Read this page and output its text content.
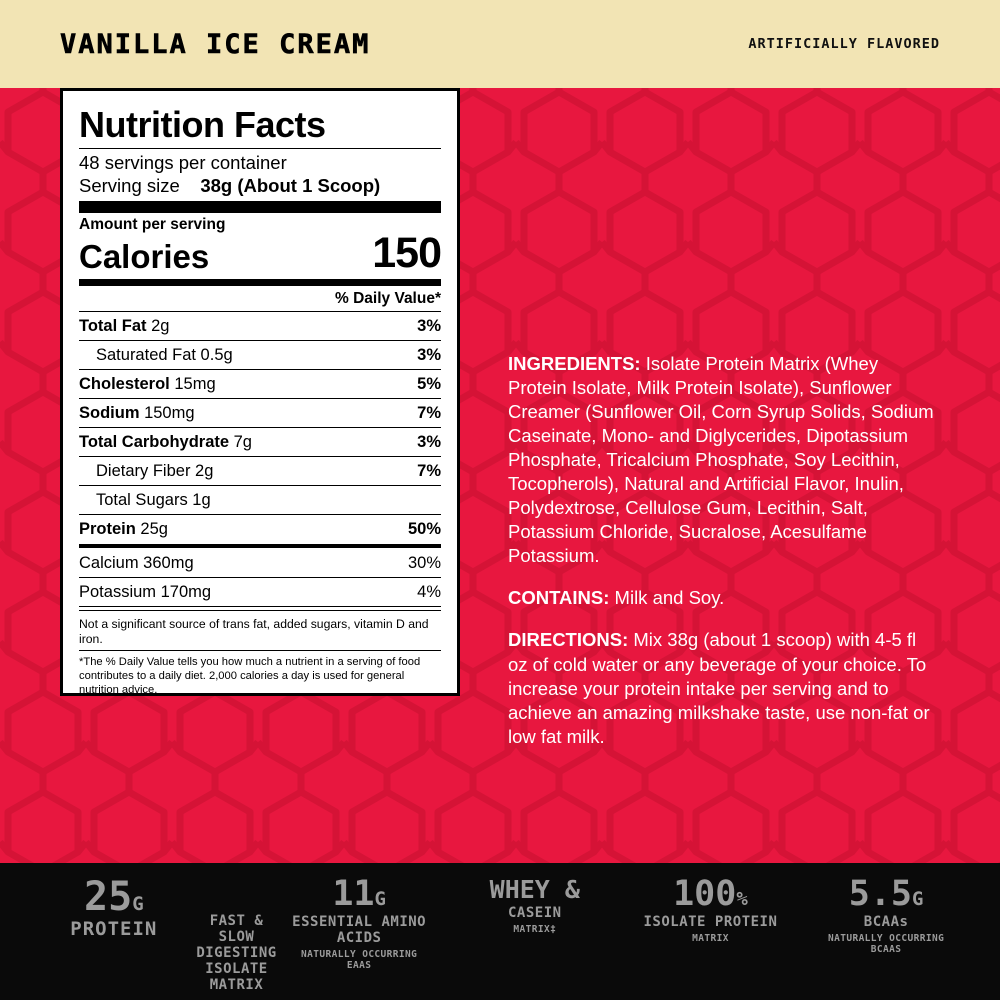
VANILLA ICE CREAM	ARTIFICIALLY FLAVORED
Nutrition Facts
48 servings per container
Serving size 38g (About 1 Scoop)
Amount per serving
Calories	150
% Daily Value*
Total Fat 2g	3%
Saturated Fat 0.5g	3%
Cholesterol 15mg	5%
Sodium 150mg	7%
Total Carbohydrate 7g	3%
Dietary Fiber 2g	7%
Total Sugars 1g
Protein 25g	50%
Calcium 360mg	30%
Potassium 170mg	4%
Not a significant source of trans fat, added sugars, vitamin D and iron.
*The % Daily Value tells you how much a nutrient in a serving of food contributes to a daily diet. 2,000 calories a day is used for general nutrition advice.

INGREDIENTS: Isolate Protein Matrix (Whey Protein Isolate, Milk Protein Isolate), Sunflower Creamer (Sunflower Oil, Corn Syrup Solids, Sodium Caseinate, Mono- and Diglycerides, Dipotassium Phosphate, Tricalcium Phosphate, Soy Lecithin, Tocopherols), Natural and Artificial Flavor, Inulin, Polydextrose, Cellulose Gum, Lecithin, Salt, Potassium Chloride, Sucralose, Acesulfame Potassium.

CONTAINS: Milk and Soy.

DIRECTIONS: Mix 38g (about 1 scoop) with 4-5 fl oz of cold water or any beverage of your choice. To increase your protein intake per serving and to achieve an amazing milkshake taste, use non-fat or low fat milk.

25G
PROTEIN	FAST & SLOW DIGESTING ISOLATE MATRIX
11G
ESSENTIAL AMINO ACIDS
NATURALLY OCCURRING EAAS
WHEY &
CASEIN
MATRIX‡
100%
ISOLATE PROTEIN
MATRIX
5.5G
BCAAs
NATURALLY OCCURRING BCAAS
